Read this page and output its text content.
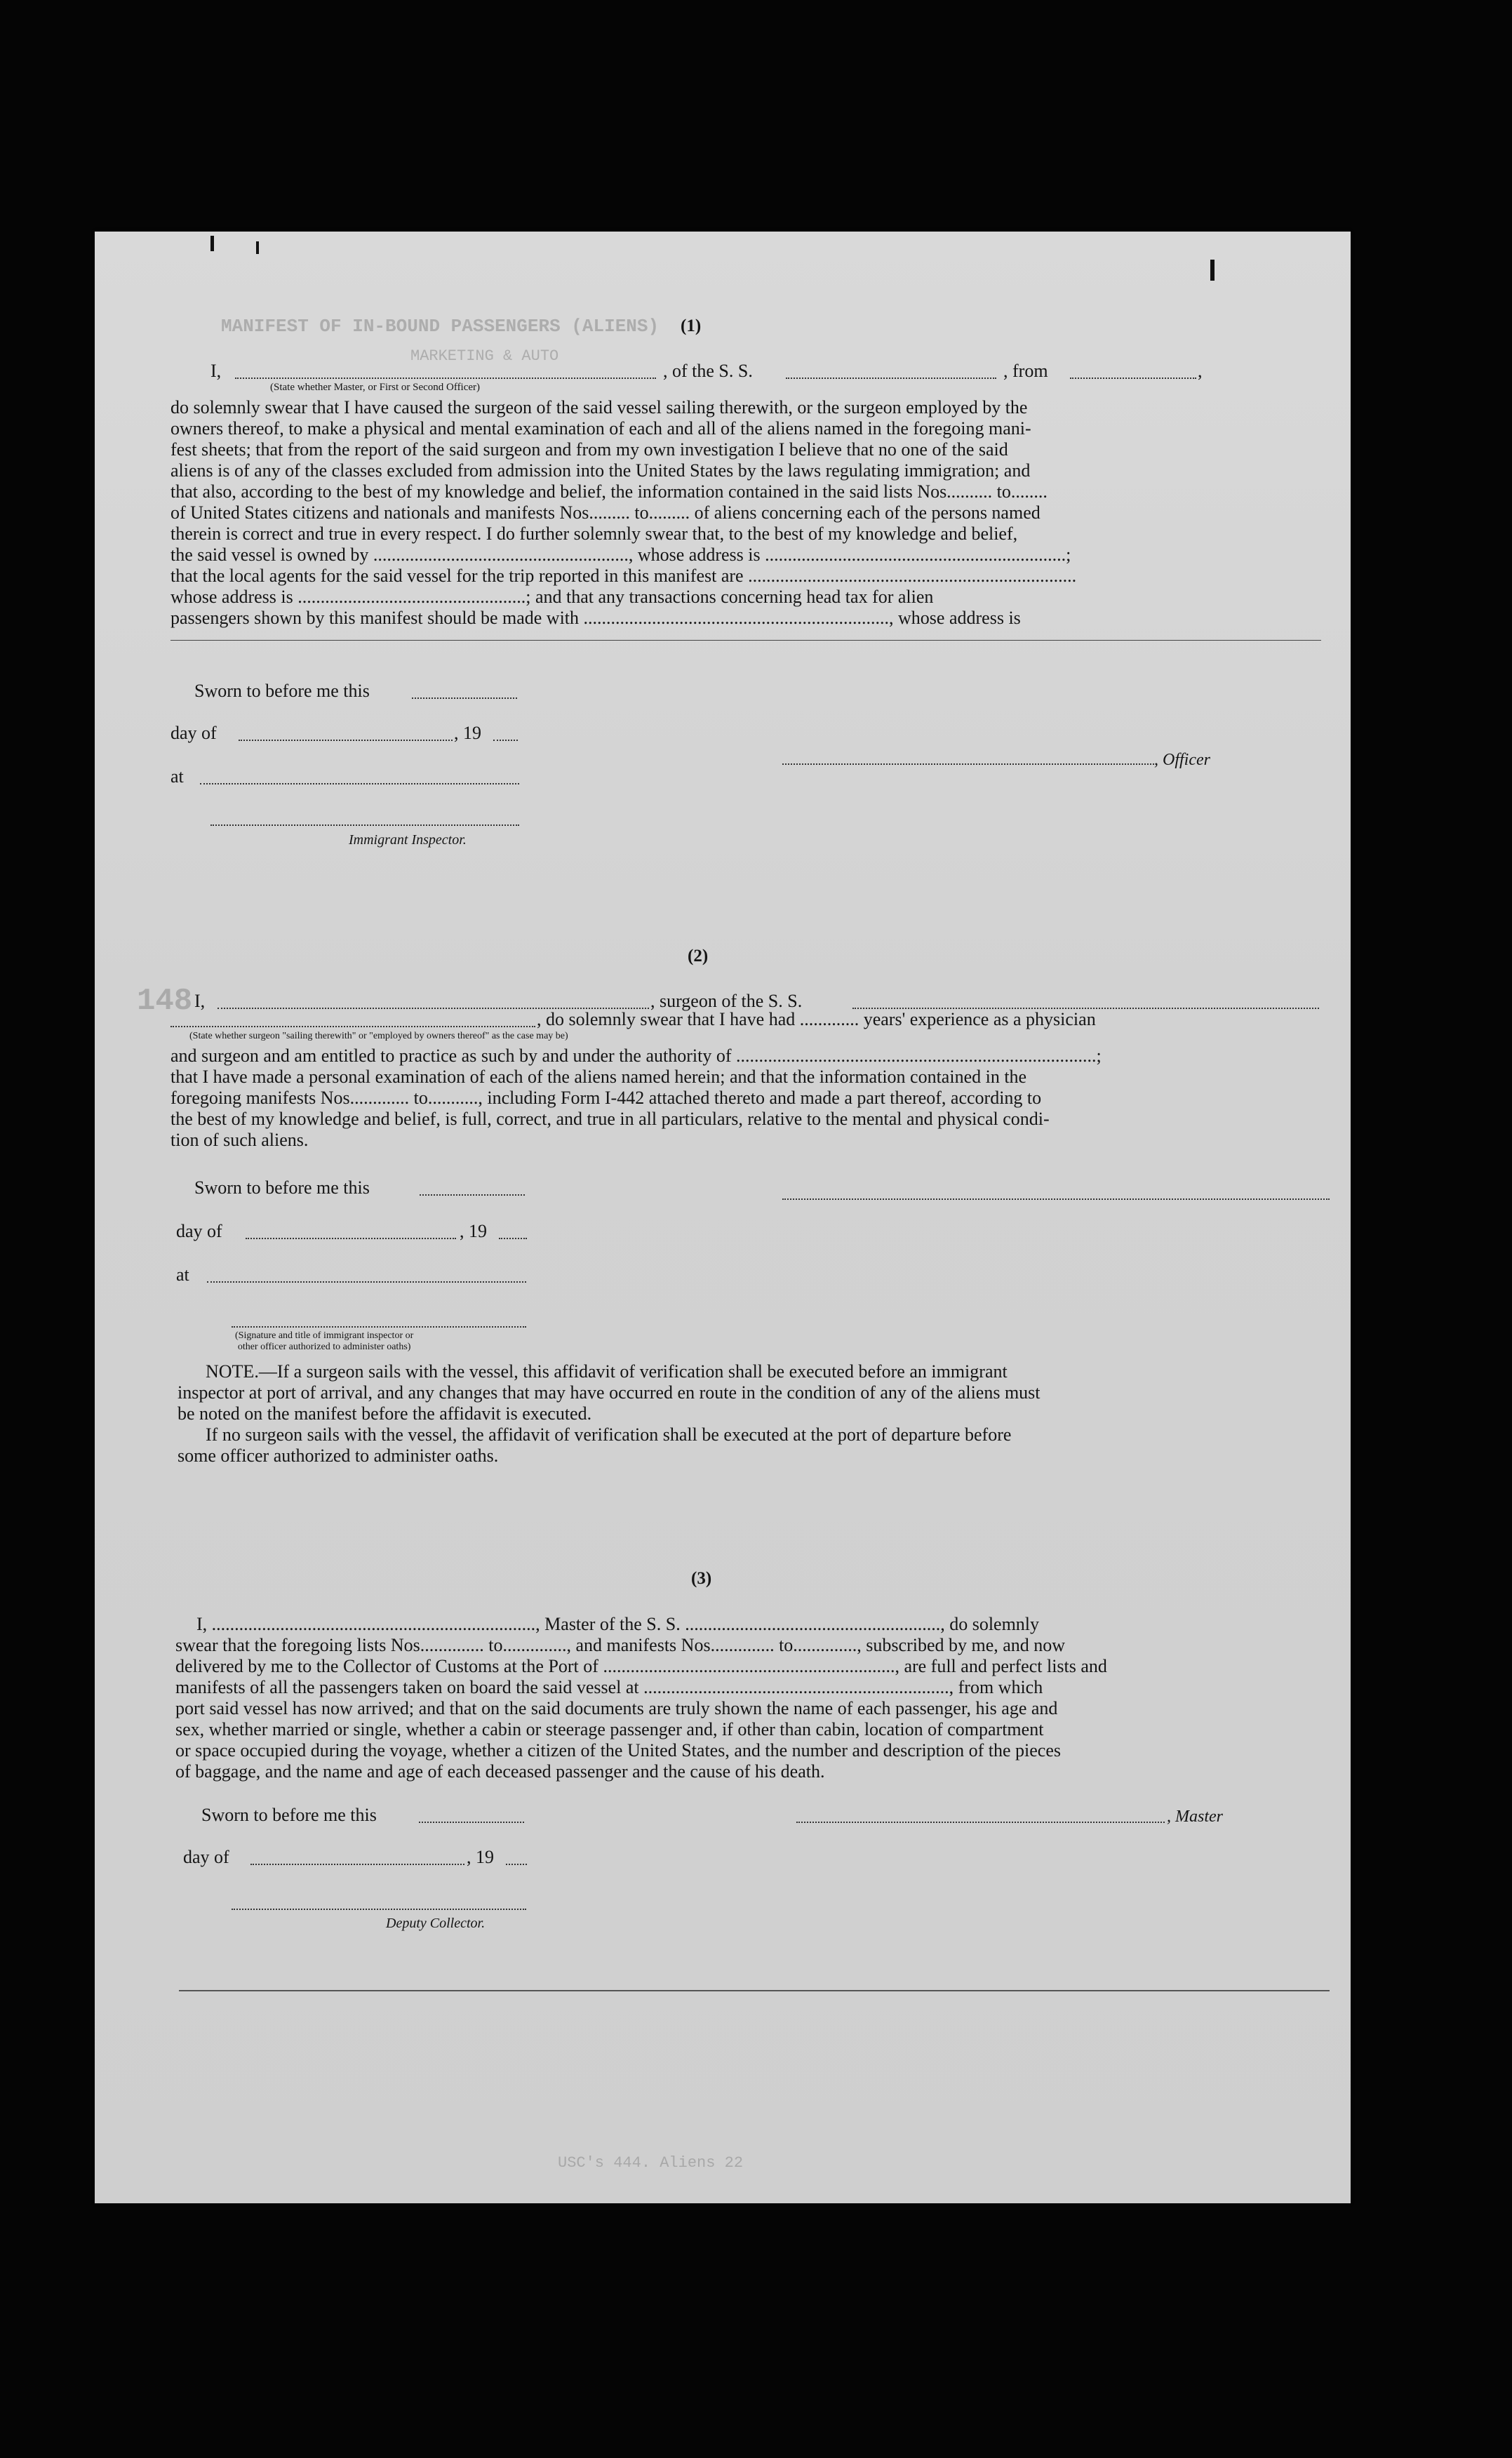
MANIFEST OF IN-BOUND PASSENGERS (ALIENS)
MARKETING & AUTO
148
USC's 444. Aliens 22
(1)
I,	, of the S. S.	, from	,
(State whether Master, or First or Second Officer)
do solemnly swear that I have caused the surgeon of the said vessel sailing therewith, or the surgeon employed by the
owners thereof, to make a physical and mental examination of each and all of the aliens named in the foregoing mani-
fest sheets; that from the report of the said surgeon and from my own investigation I believe that no one of the said
aliens is of any of the classes excluded from admission into the United States by the laws regulating immigration; and
that also, according to the best of my knowledge and belief, the information contained in the said lists Nos.......... to........
of United States citizens and nationals and manifests Nos......... to......... of aliens concerning each of the persons named
therein is correct and true in every respect. I do further solemnly swear that, to the best of my knowledge and belief,
the said vessel is owned by ........................................................, whose address is ..................................................................;
that the local agents for the said vessel for the trip reported in this manifest are ........................................................................
whose address is ..................................................; and that any transactions concerning head tax for alien
passengers shown by this manifest should be made with ..................................................................., whose address is
Sworn to before me this
day of	, 19
at
Immigrant Inspector.
, Officer
(2)
I,	, surgeon of the S. S.
, do solemnly swear that I have had ............. years' experience as a physician
(State whether surgeon "sailing therewith" or "employed by owners thereof" as the case may be)
and surgeon and am entitled to practice as such by and under the authority of ...............................................................................;
that I have made a personal examination of each of the aliens named herein; and that the information contained in the
foregoing manifests Nos............. to..........., including Form I-442 attached thereto and made a part thereof, according to
the best of my knowledge and belief, is full, correct, and true in all particulars, relative to the mental and physical condi-
tion of such aliens.
Sworn to before me this
day of	, 19
at
(Signature and title of immigrant inspector or
other officer authorized to administer oaths)
NOTE.—If a surgeon sails with the vessel, this affidavit of verification shall be executed before an immigrant
inspector at port of arrival, and any changes that may have occurred en route in the condition of any of the aliens must
be noted on the manifest before the affidavit is executed.
If no surgeon sails with the vessel, the affidavit of verification shall be executed at the port of departure before
some officer authorized to administer oaths.
(3)
I, ......................................................................., Master of the S. S. ........................................................, do solemnly
swear that the foregoing lists Nos.............. to.............., and manifests Nos.............. to.............., subscribed by me, and now
delivered by me to the Collector of Customs at the Port of ................................................................, are full and perfect lists and
manifests of all the passengers taken on board the said vessel at ..................................................................., from which
port said vessel has now arrived; and that on the said documents are truly shown the name of each passenger, his age and
sex, whether married or single, whether a cabin or steerage passenger and, if other than cabin, location of compartment
or space occupied during the voyage, whether a citizen of the United States, and the number and description of the pieces
of baggage, and the name and age of each deceased passenger and the cause of his death.
Sworn to before me this
day of	, 19
Deputy Collector.
, Master
